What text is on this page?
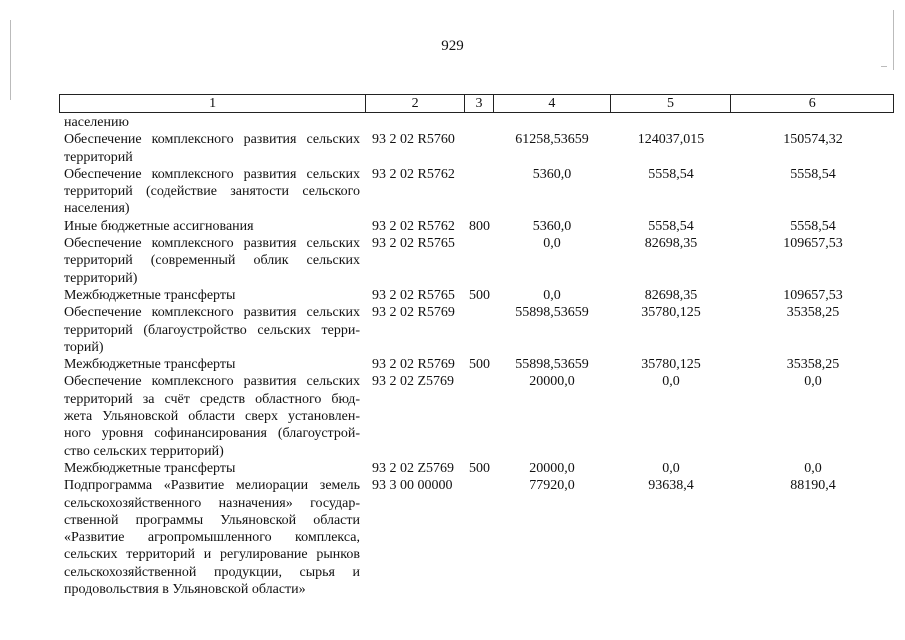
929
1	2	3	4	5	6
населению
Обеспечение комплексного развития сельских
территорий
93 2 02 R5760	61258,53659	124037,015	150574,32
Обеспечение комплексного развития сельских
территорий (содействие занятости сельского
населения)
93 2 02 R5762	5360,0	5558,54	5558,54
Иные бюджетные ассигнования	93 2 02 R5762 800	5360,0	5558,54	5558,54
Обеспечение комплексного развития сельских
территорий (современный облик сельских
территорий)
93 2 02 R5765	0,0	82698,35	109657,53
Межбюджетные трансферты	93 2 02 R5765 500	0,0	82698,35	109657,53
Обеспечение комплексного развития сельских
территорий (благоустройство сельских терри-
торий)
93 2 02 R5769	55898,53659	35780,125	35358,25
Межбюджетные трансферты	93 2 02 R5769 500	55898,53659	35780,125	35358,25
Обеспечение комплексного развития сельских
территорий за счёт средств областного бюд-
жета Ульяновской области сверх установлен-
ного уровня софинансирования (благоустрой-
ство сельских территорий)
93 2 02 Z5769	20000,0	0,0	0,0
Межбюджетные трансферты	93 2 02 Z5769 500	20000,0	0,0	0,0
Подпрограмма «Развитие мелиорации земель
сельскохозяйственного назначения» государ-
ственной программы Ульяновской области
«Развитие агропромышленного комплекса,
сельских территорий и регулирование рынков
сельскохозяйственной продукции, сырья и
продовольствия в Ульяновской области»
93 3 00 00000	77920,0	93638,4	88190,4
